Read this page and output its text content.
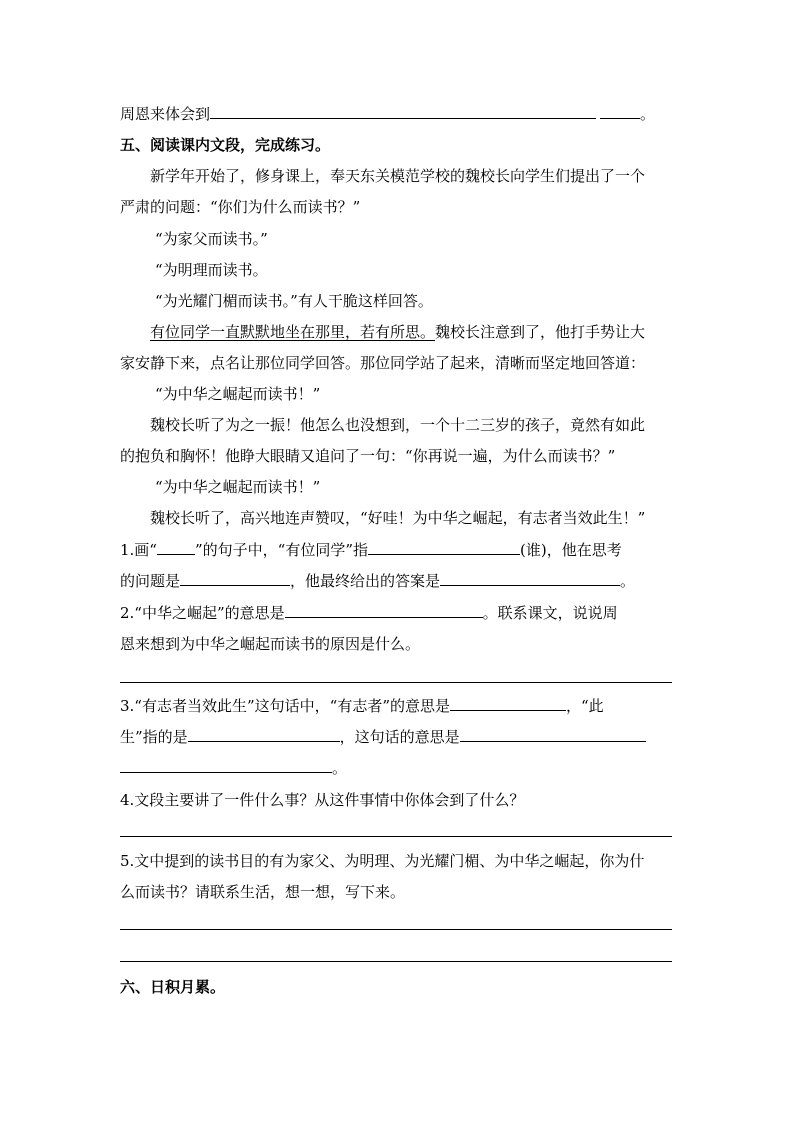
周恩来体会到	。
五、阅读课内文段，完成练习。
新学年开始了，修身课上，奉天东关模范学校的魏校长向学生们提出了一个
严肃的问题：“你们为什么而读书？”
“为家父而读书。”
“为明理而读书。
“为光耀门楣而读书。”有人干脆这样回答。
有位同学一直默默地坐在那里，若有所思。魏校长注意到了，他打手势让大
家安静下来，点名让那位同学回答。那位同学站了起来，清晰而坚定地回答道：
“为中华之崛起而读书！”
魏校长听了为之一振！他怎么也没想到，一个十二三岁的孩子，竟然有如此
的抱负和胸怀！他睁大眼睛又追问了一句：“你再说一遍，为什么而读书？”
“为中华之崛起而读书！”
魏校长听了，高兴地连声赞叹，“好哇！为中华之崛起，有志者当效此生！”
1.画“	”的句子中，“有位同学”指	(谁)，他在思考
的问题是	，他最终给出的答案是	。
2.“中华之崛起”的意思是	。联系课文，说说周
恩来想到为中华之崛起而读书的原因是什么。
3.“有志者当效此生”这句话中，“有志者”的意思是	，“此
生”指的是	，这句话的意思是
。
4.文段主要讲了一件什么事？从这件事情中你体会到了什么？
5.文中提到的读书目的有为家父、为明理、为光耀门楣、为中华之崛起，你为什
么而读书？请联系生活，想一想，写下来。
六、日积月累。
